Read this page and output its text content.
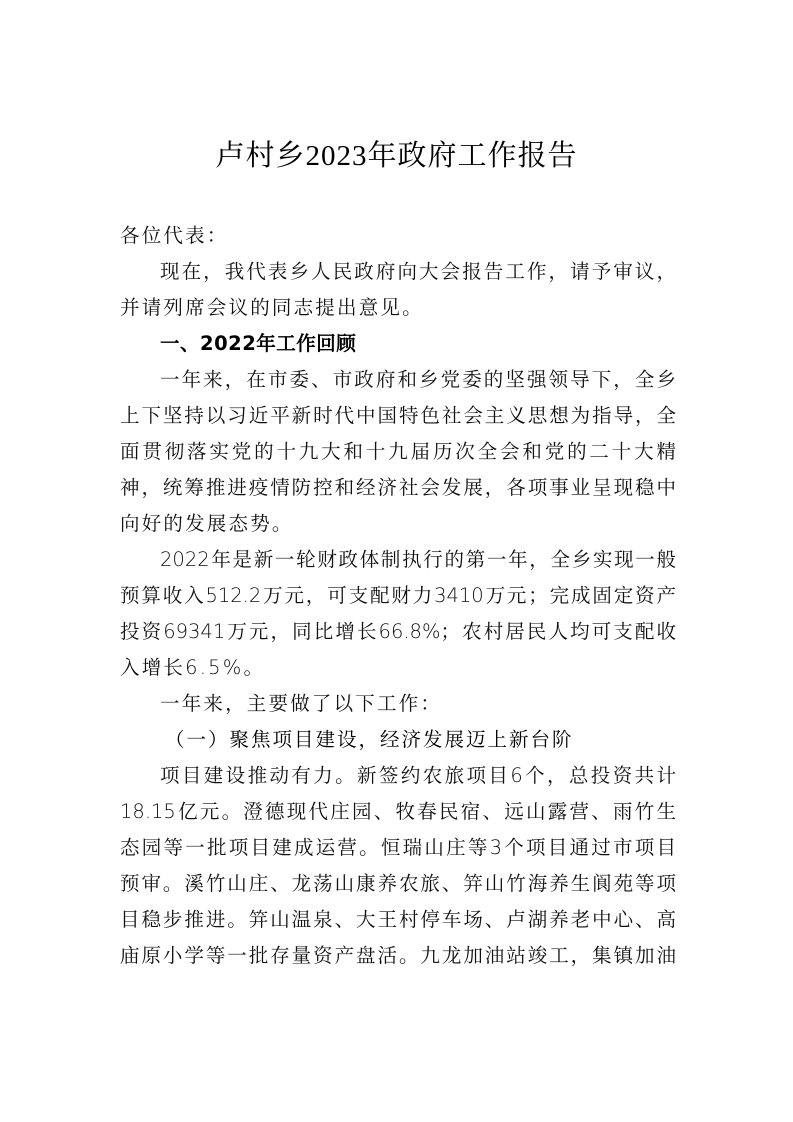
卢村乡2023年政府工作报告
各位代表：
现在，我代表乡人民政府向大会报告工作，请予审议，
并请列席会议的同志提出意见。
一、2022年工作回顾
一年来，在市委、市政府和乡党委的坚强领导下，全乡
上下坚持以习近平新时代中国特色社会主义思想为指导，全
面贯彻落实党的十九大和十九届历次全会和党的二十大精
神，统筹推进疫情防控和经济社会发展，各项事业呈现稳中
向好的发展态势。
2022年是新一轮财政体制执行的第一年，全乡实现一般
预算收入512.2万元，可支配财力3410万元；完成固定资产
投资69341万元，同比增长66.8%；农村居民人均可支配收
入增长6.5%。
一年来，主要做了以下工作：
（一）聚焦项目建设，经济发展迈上新台阶
项目建设推动有力。新签约农旅项目6个，总投资共计
18.15亿元。澄德现代庄园、牧春民宿、远山露营、雨竹生
态园等一批项目建成运营。恒瑞山庄等3个项目通过市项目
预审。溪竹山庄、龙荡山康养农旅、笄山竹海养生阆苑等项
目稳步推进。笄山温泉、大王村停车场、卢湖养老中心、高
庙原小学等一批存量资产盘活。九龙加油站竣工，集镇加油
